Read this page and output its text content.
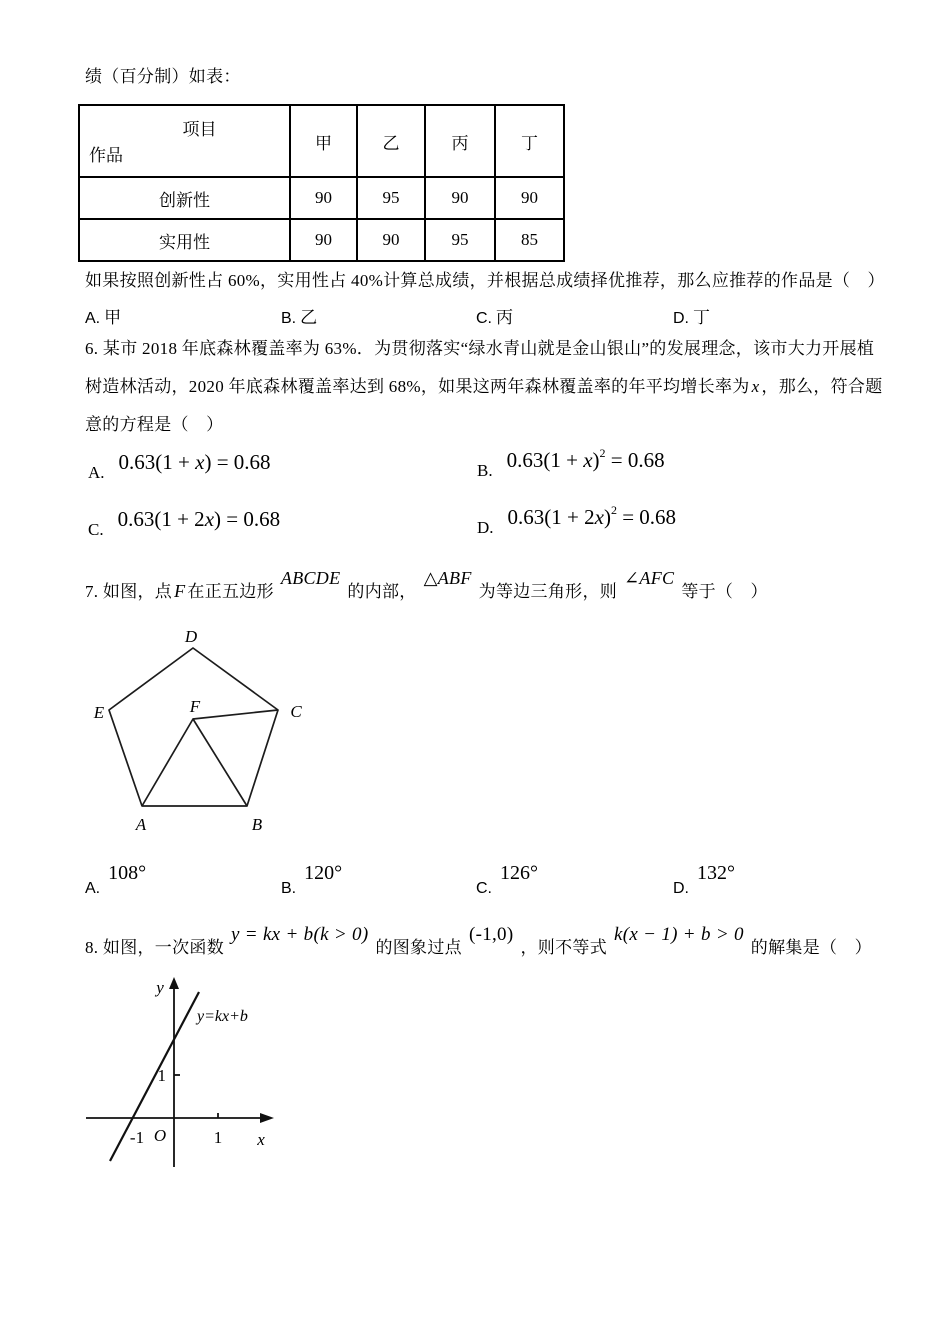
绩（百分制）如表：
项目
作品	甲	乙	丙	丁
创新性	90	95	90	90
实用性	90	90	95	85
如果按照创新性占 60%，实用性占 40%计算总成绩，并根据总成绩择优推荐，那么应推荐的作品是（　）
A. 甲	B. 乙	C. 丙	D. 丁
6. 某市 2018 年底森林覆盖率为 63%．为贯彻落实“绿水青山就是金山银山”的发展理念，该市大力开展植
树造林活动，2020 年底森林覆盖率达到 68%，如果这两年森林覆盖率的年平均增长率为 x ，那么，符合题
意的方程是（　）
A. 0.63(1 + x) = 0.68	B. $0.63(1 + x)^2 = 0.68$
C. 0.63(1 + 2x) = 0.68	D. $0.63(1 + 2x)^2 = 0.68$
7. 如图，点 F 在正五边形ABCDE的内部，△ABF为等边三角形，则∠AFC等于（　）
D
E	C
F
A	B
A.108°
B.120°
C.126°
D.132°
8. 如图，一次函数y = kx + b(k > 0)的图象过点(-1,0)，则不等式k(x − 1) + b > 0的解集是（　）
y
y=kx+b
1
-1 O	1 x
